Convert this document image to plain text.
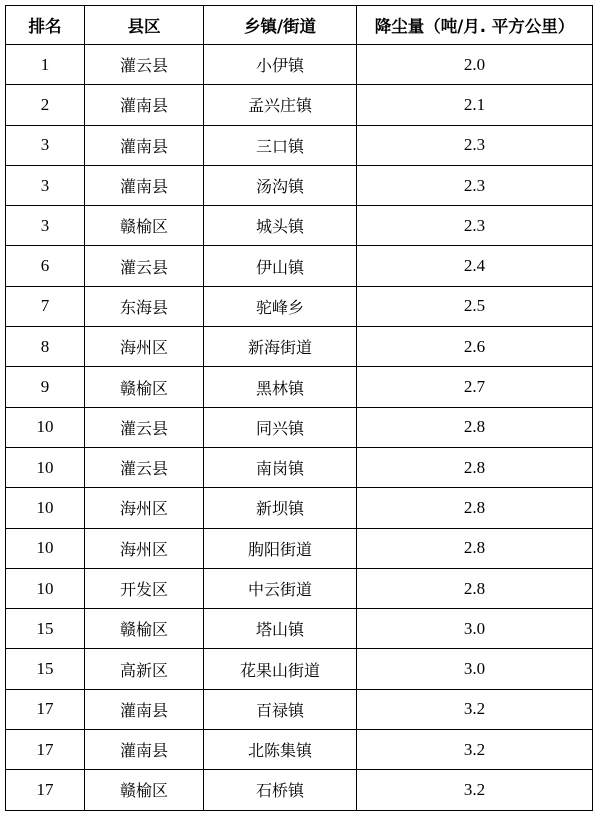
排名	县区	乡镇/街道	降尘量（吨/月. 平方公里）
1	灌云县	小伊镇	2.0
2	灌南县	孟兴庄镇	2.1
3	灌南县	三口镇	2.3
3	灌南县	汤沟镇	2.3
3	赣榆区	城头镇	2.3
6	灌云县	伊山镇	2.4
7	东海县	驼峰乡	2.5
8	海州区	新海街道	2.6
9	赣榆区	黑林镇	2.7
10	灌云县	同兴镇	2.8
10	灌云县	南岗镇	2.8
10	海州区	新坝镇	2.8
10	海州区	朐阳街道	2.8
10	开发区	中云街道	2.8
15	赣榆区	塔山镇	3.0
15	高新区	花果山街道	3.0
17	灌南县	百禄镇	3.2
17	灌南县	北陈集镇	3.2
17	赣榆区	石桥镇	3.2
